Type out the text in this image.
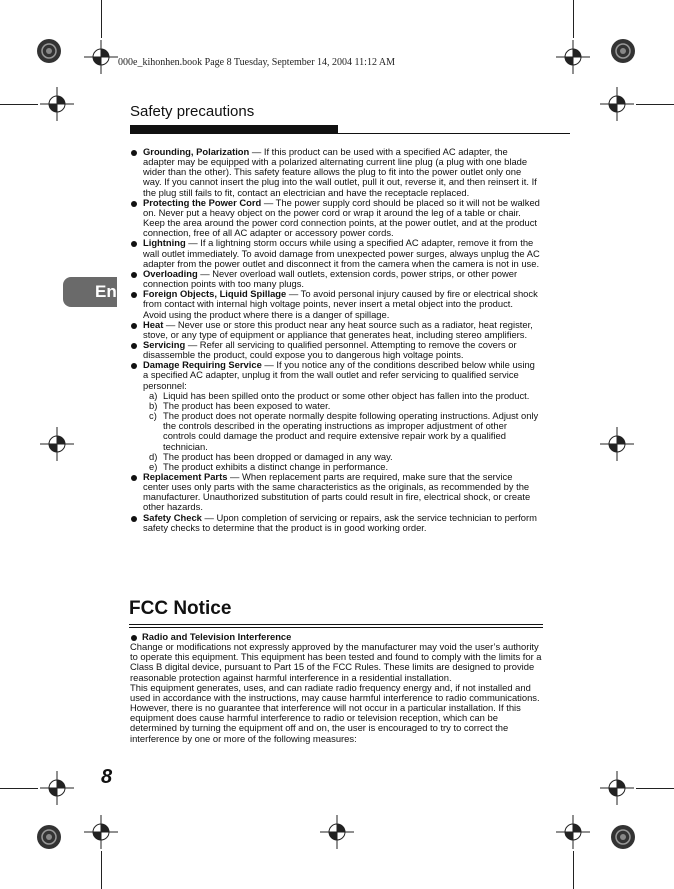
000e_kihonhen.book Page 8 Tuesday, September 14, 2004 11:12 AM
Safety precautions
En
Grounding, Polarization — If this product can be used with a specified AC adapter, the adapter may be equipped with a polarized alternating current line plug (a plug with one blade wider than the other). This safety feature allows the plug to fit into the power outlet only one way. If you cannot insert the plug into the wall outlet, pull it out, reverse it, and then reinsert it. If the plug still fails to fit, contact an electrician and have the receptacle replaced.
Protecting the Power Cord — The power supply cord should be placed so it will not be walked on. Never put a heavy object on the power cord or wrap it around the leg of a table or chair. Keep the area around the power cord connection points, at the power outlet, and at the product connection, free of all AC adapter or accessory power cords.
Lightning — If a lightning storm occurs while using a specified AC adapter, remove it from the wall outlet immediately. To avoid damage from unexpected power surges, always unplug the AC adapter from the power outlet and disconnect it from the camera when the camera is not in use.
Overloading — Never overload wall outlets, extension cords, power strips, or other power connection points with too many plugs.
Foreign Objects, Liquid Spillage — To avoid personal injury caused by fire or electrical shock from contact with internal high voltage points, never insert a metal object into the product.
Avoid using the product where there is a danger of spillage.
Heat — Never use or store this product near any heat source such as a radiator, heat register, stove, or any type of equipment or appliance that generates heat, including stereo amplifiers.
Servicing — Refer all servicing to qualified personnel. Attempting to remove the covers or disassemble the product, could expose you to dangerous high voltage points.
Damage Requiring Service — If you notice any of the conditions described below while using a specified AC adapter, unplug it from the wall outlet and refer servicing to qualified service personnel:
a) Liquid has been spilled onto the product or some other object has fallen into the product.
b) The product has been exposed to water.
c) The product does not operate normally despite following operating instructions. Adjust only the controls described in the operating instructions as improper adjustment of other controls could damage the product and require extensive repair work by a qualified technician.
d) The product has been dropped or damaged in any way.
e) The product exhibits a distinct change in performance.
Replacement Parts — When replacement parts are required, make sure that the service center uses only parts with the same characteristics as the originals, as recommended by the manufacturer. Unauthorized substitution of parts could result in fire, electrical shock, or create other hazards.
Safety Check — Upon completion of servicing or repairs, ask the service technician to perform safety checks to determine that the product is in good working order.
FCC Notice
Radio and Television Interference
Change or modifications not expressly approved by the manufacturer may void the user’s authority to operate this equipment. This equipment has been tested and found to comply with the limits for a Class B digital device, pursuant to Part 15 of the FCC Rules. These limits are designed to provide reasonable protection against harmful interference in a residential installation.
This equipment generates, uses, and can radiate radio frequency energy and, if not installed and used in accordance with the instructions, may cause harmful interference to radio communications.
However, there is no guarantee that interference will not occur in a particular installation. If this equipment does cause harmful interference to radio or television reception, which can be determined by turning the equipment off and on, the user is encouraged to try to correct the interference by one or more of the following measures:
8
